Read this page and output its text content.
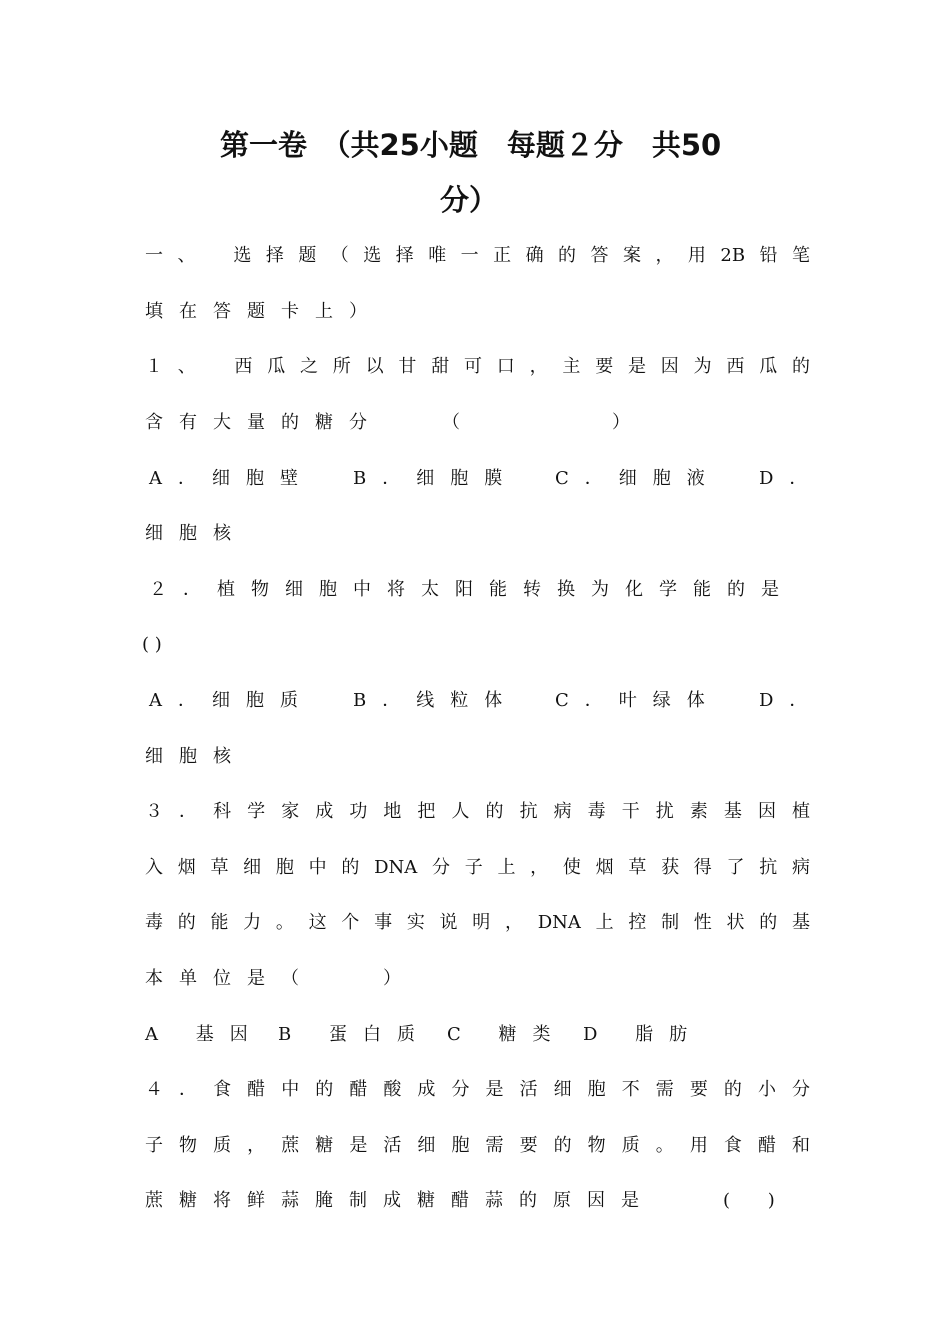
第一卷　（共25小题　每题２分　共50
分）
一、　选择题（选择唯一正确的答案，用2B铅笔
填在答题卡上）
１、　西瓜之所以甘甜可口，主要是因为西瓜的
含有大量的糖分　　（　　　　）
A．细胞壁 B．细胞膜 C．细胞液 D．
细胞核
２．植物细胞中将太阳能转换为化学能的是
( )
A．细胞质 B．线粒体 C．叶绿体 D．
细胞核
３．科学家成功地把人的抗病毒干扰素基因植
入烟草细胞中的DNA分子上，使烟草获得了抗病
毒的能力。这个事实说明，DNA上控制性状的基
本单位是（　　）
A 基因 B 蛋白质 C 糖类 D 脂肪
４．食醋中的醋酸成分是活细胞不需要的小分
子物质，蔗糖是活细胞需要的物质。用食醋和
蔗糖将鲜蒜腌制成糖醋蒜的原因是　　( )
